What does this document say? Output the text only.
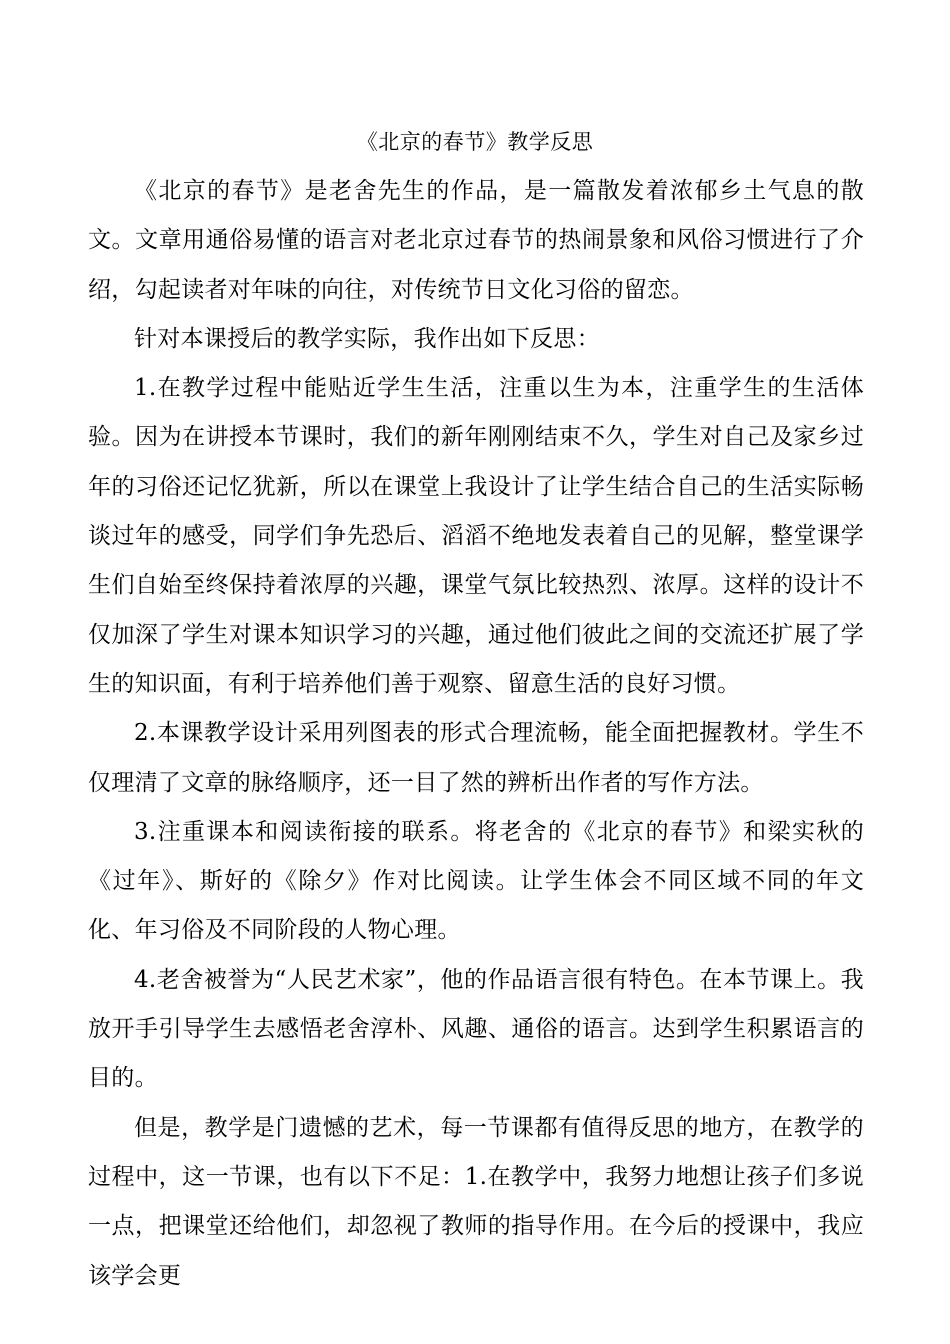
《北京的春节》教学反思

《北京的春节》是老舍先生的作品，是一篇散发着浓郁乡土气息的散文。文章用通俗易懂的语言对老北京过春节的热闹景象和风俗习惯进行了介绍，勾起读者对年味的向往，对传统节日文化习俗的留恋。

针对本课授后的教学实际，我作出如下反思：

1.在教学过程中能贴近学生生活，注重以生为本，注重学生的生活体验。因为在讲授本节课时，我们的新年刚刚结束不久，学生对自己及家乡过年的习俗还记忆犹新，所以在课堂上我设计了让学生结合自己的生活实际畅谈过年的感受，同学们争先恐后、滔滔不绝地发表着自己的见解，整堂课学生们自始至终保持着浓厚的兴趣，课堂气氛比较热烈、浓厚。这样的设计不仅加深了学生对课本知识学习的兴趣，通过他们彼此之间的交流还扩展了学生的知识面，有利于培养他们善于观察、留意生活的良好习惯。

2.本课教学设计采用列图表的形式合理流畅，能全面把握教材。学生不仅理清了文章的脉络顺序，还一目了然的辨析出作者的写作方法。

3.注重课本和阅读衔接的联系。将老舍的《北京的春节》和梁实秋的《过年》、斯好的《除夕》作对比阅读。让学生体会不同区域不同的年文化、年习俗及不同阶段的人物心理。

4.老舍被誉为“人民艺术家”，他的作品语言很有特色。在本节课上。我放开手引导学生去感悟老舍淳朴、风趣、通俗的语言。达到学生积累语言的目的。

但是，教学是门遗憾的艺术，每一节课都有值得反思的地方，在教学的过程中，这一节课，也有以下不足：1.在教学中，我努力地想让孩子们多说一点，把课堂还给他们，却忽视了教师的指导作用。在今后的授课中，我应该学会更
